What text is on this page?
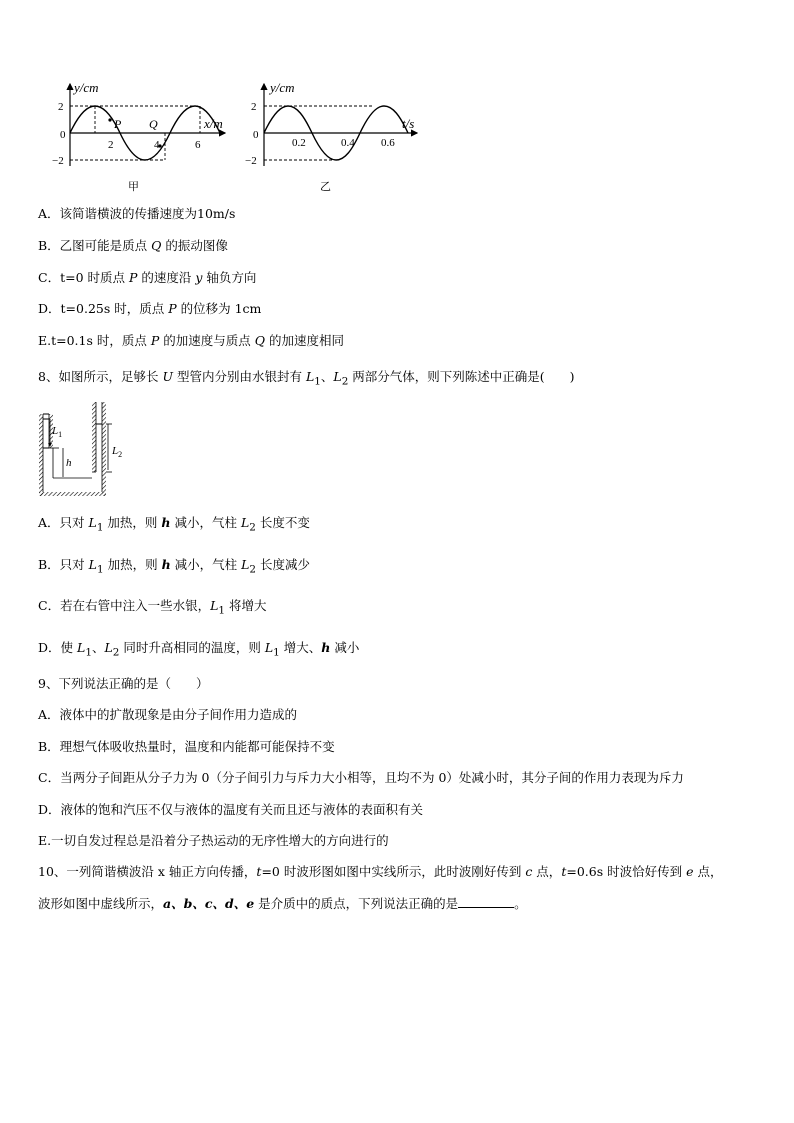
y/cm
x/m
2
0
−2
2	4	6
P Q
甲
y/cm
t/s
2
0
−2
0.2	0.4 0.6
乙
A．该简谐横波的传播速度为10m/s
B．乙图可能是质点 Q 的振动图像
C．t=0 时质点 P 的速度沿 y 轴负方向
D．t=0.25s 时，质点 P 的位移为 1cm
E.t=0.1s 时，质点 P 的加速度与质点 Q 的加速度相同
8、如图所示，足够长 U 型管内分别由水银封有 $L_1$、$L_2$ 两部分气体，则下列陈述中正确是(　　)
$L_1$
h
$L_2$
A．只对 $L_1$ 加热，则 h 减小，气柱 $L_2$ 长度不变
B．只对 $L_1$ 加热，则 h 减小，气柱 $L_2$ 长度减少
C．若在右管中注入一些水银，$L_1$ 将增大
D．使 $L_1$、$L_2$ 同时升高相同的温度，则 $L_1$ 增大、h 减小
9、下列说法正确的是（　　）
A．液体中的扩散现象是由分子间作用力造成的
B．理想气体吸收热量时，温度和内能都可能保持不变
C．当两分子间距从分子力为 0（分子间引力与斥力大小相等，且均不为 0）处减小时，其分子间的作用力表现为斥力
D．液体的饱和汽压不仅与液体的温度有关而且还与液体的表面积有关
E.一切自发过程总是沿着分子热运动的无序性增大的方向进行的
10、一列简谐横波沿 x 轴正方向传播，t=0 时波形图如图中实线所示，此时波刚好传到 c 点，t=0.6s 时波恰好传到 e 点，
波形如图中虚线所示，a、b、c、d、e 是介质中的质点，下列说法正确的是	。
